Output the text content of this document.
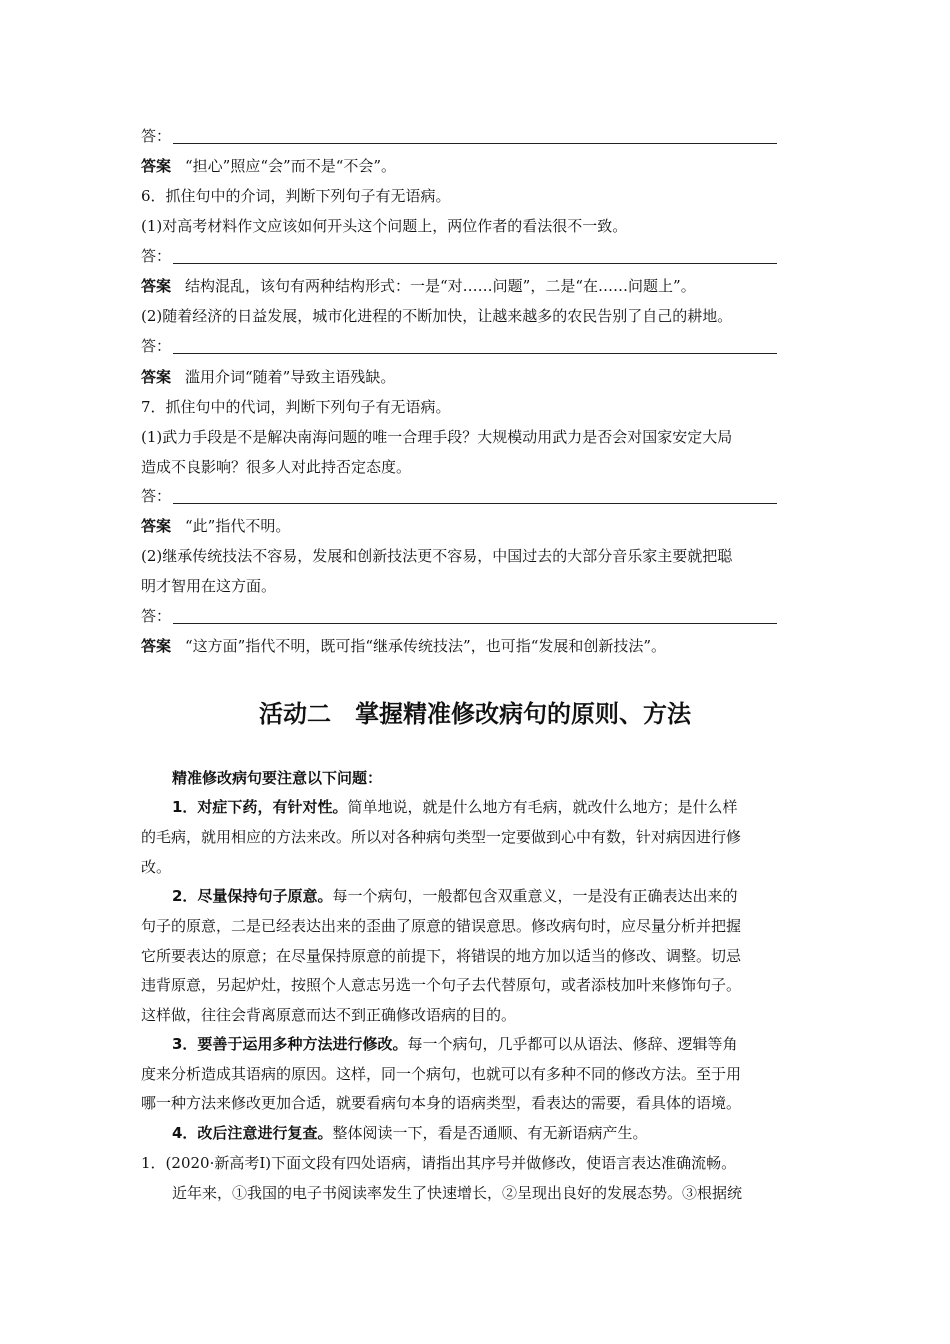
答：
答案 “担心”照应“会”而不是“不会”。
6．抓住句中的介词，判断下列句子有无语病。
(1)对高考材料作文应该如何开头这个问题上，两位作者的看法很不一致。
答：
答案 结构混乱，该句有两种结构形式：一是“对……问题”，二是“在……问题上”。
(2)随着经济的日益发展，城市化进程的不断加快，让越来越多的农民告别了自己的耕地。
答：
答案 滥用介词“随着”导致主语残缺。
7．抓住句中的代词，判断下列句子有无语病。
(1)武力手段是不是解决南海问题的唯一合理手段？大规模动用武力是否会对国家安定大局
造成不良影响？很多人对此持否定态度。
答：
答案 “此”指代不明。
(2)继承传统技法不容易，发展和创新技法更不容易，中国过去的大部分音乐家主要就把聪
明才智用在这方面。
答：
答案 “这方面”指代不明，既可指“继承传统技法”，也可指“发展和创新技法”。
活动二　掌握精准修改病句的原则、方法
精准修改病句要注意以下问题：
1．对症下药，有针对性。简单地说，就是什么地方有毛病，就改什么地方；是什么样
的毛病，就用相应的方法来改。所以对各种病句类型一定要做到心中有数，针对病因进行修
改。
2．尽量保持句子原意。每一个病句，一般都包含双重意义，一是没有正确表达出来的
句子的原意，二是已经表达出来的歪曲了原意的错误意思。修改病句时，应尽量分析并把握
它所要表达的原意；在尽量保持原意的前提下，将错误的地方加以适当的修改、调整。切忌
违背原意，另起炉灶，按照个人意志另选一个句子去代替原句，或者添枝加叶来修饰句子。
这样做，往往会背离原意而达不到正确修改语病的目的。
3．要善于运用多种方法进行修改。每一个病句，几乎都可以从语法、修辞、逻辑等角
度来分析造成其语病的原因。这样，同一个病句，也就可以有多种不同的修改方法。至于用
哪一种方法来修改更加合适，就要看病句本身的语病类型，看表达的需要，看具体的语境。
4．改后注意进行复查。整体阅读一下，看是否通顺、有无新语病产生。
1．(2020·新高考Ⅰ)下面文段有四处语病，请指出其序号并做修改，使语言表达准确流畅。
近年来，①我国的电子书阅读率发生了快速增长，②呈现出良好的发展态势。③根据统
